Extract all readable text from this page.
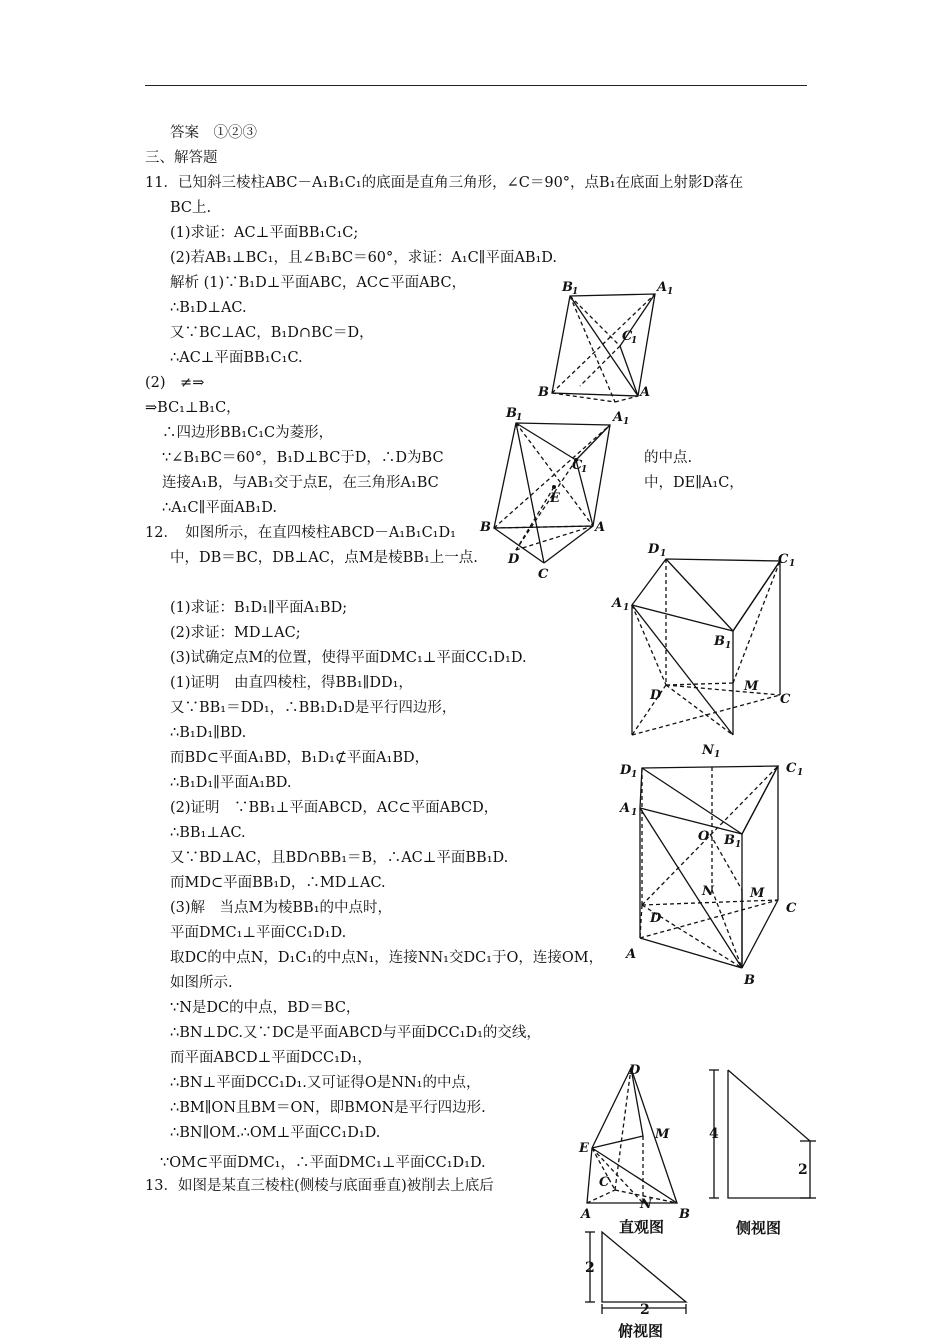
答案　①②③
三、解答题
11．已知斜三棱柱ABC－A₁B₁C₁的底面是直角三角形，∠C＝90°，点B₁在底面上射影D落在
BC上.
(1)求证：AC⊥平面BB₁C₁C;
(2)若AB₁⊥BC₁，且∠B₁BC＝60°，求证：A₁C∥平面AB₁D.
解析 (1)∵B₁D⊥平面ABC，AC⊂平面ABC，
∴B₁D⊥AC.
又∵BC⊥AC，B₁D∩BC＝D，
∴AC⊥平面BB₁C₁C.
(2)　≠⇒
⇒BC₁⊥B₁C，
∴四边形BB₁C₁C为菱形，
∵∠B₁BC＝60°，B₁D⊥BC于D，∴D为BC	的中点.
连接A₁B，与AB₁交于点E，在三角形A₁BC	中，DE∥A₁C，
∴A₁C∥平面AB₁D.
12．　如图所示，在直四棱柱ABCD－A₁B₁C₁D₁
中，DB＝BC，DB⊥AC，点M是棱BB₁上一点.
(1)求证：B₁D₁∥平面A₁BD;
(2)求证：MD⊥AC;
(3)试确定点M的位置，使得平面DMC₁⊥平面CC₁D₁D.
(1)证明　由直四棱柱，得BB₁∥DD₁，
又∵BB₁＝DD₁，∴BB₁D₁D是平行四边形，
∴B₁D₁∥BD.
而BD⊂平面A₁BD，B₁D₁⊄平面A₁BD，
∴B₁D₁∥平面A₁BD.
(2)证明　∵BB₁⊥平面ABCD，AC⊂平面ABCD，
∴BB₁⊥AC.
又∵BD⊥AC，且BD∩BB₁＝B，∴AC⊥平面BB₁D.
而MD⊂平面BB₁D，∴MD⊥AC.
(3)解　当点M为棱BB₁的中点时，
平面DMC₁⊥平面CC₁D₁D.
取DC的中点N，D₁C₁的中点N₁，连接NN₁交DC₁于O，连接OM，
如图所示.
∵N是DC的中点，BD＝BC，
∴BN⊥DC.又∵DC是平面ABCD与平面DCC₁D₁的交线，
而平面ABCD⊥平面DCC₁D₁，
∴BN⊥平面DCC₁D₁.又可证得O是NN₁的中点，
∴BM∥ON且BM＝ON，即BMON是平行四边形.
∴BN∥OM.∴OM⊥平面CC₁D₁D.
∵OM⊂平面DMC₁，∴平面DMC₁⊥平面CC₁D₁D.
13．如图是某直三棱柱(侧棱与底面垂直)被削去上底后
B 1	A 1
C
1
B	A
B 1	A 1
C
1
E
B	A
D
C
D 1	C 1
A 1
B 1
D
M
C
N 1
D 1	C 1
A 1
O B 1
N	M
D
C
A
B
D
M
E
C
N
A	B
直观图
4
2
侧视图
2
2
俯视图
